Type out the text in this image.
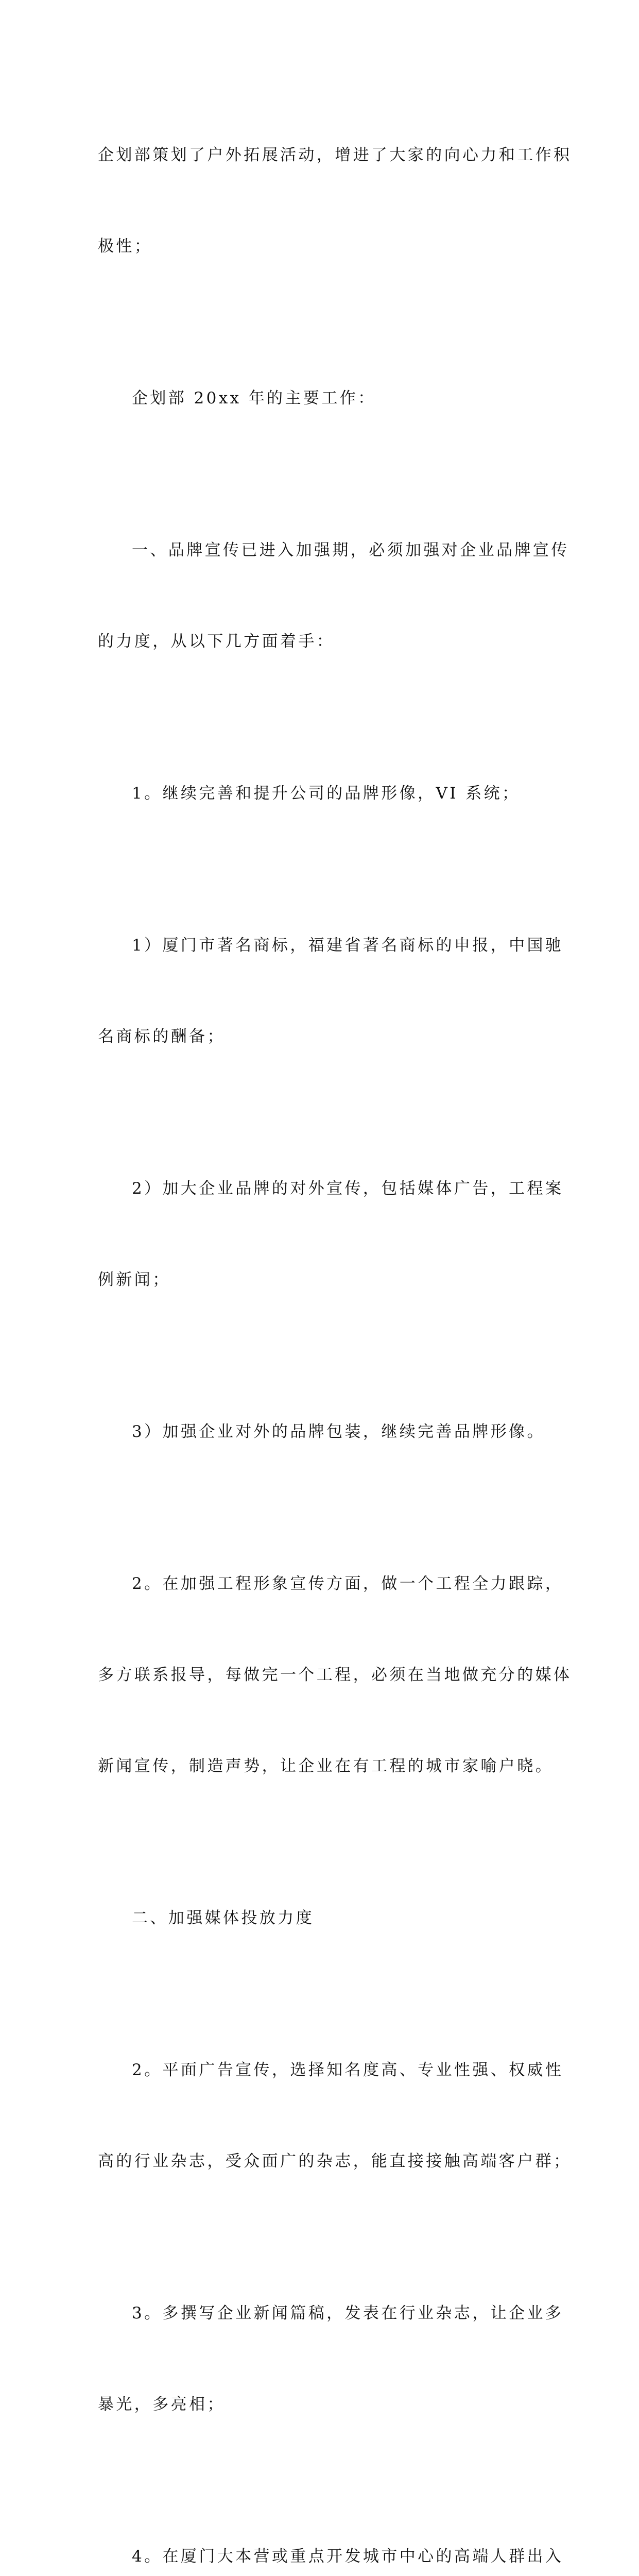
企划部策划了户外拓展活动，增进了大家的向心力和工作积

极性；

企划部 20xx 年的主要工作：

一、品牌宣传已进入加强期，必须加强对企业品牌宣传

的力度，从以下几方面着手：

1。继续完善和提升公司的品牌形像，VI 系统；

1）厦门市著名商标，福建省著名商标的申报，中国驰

名商标的酬备；

2）加大企业品牌的对外宣传，包括媒体广告，工程案

例新闻；

3）加强企业对外的品牌包装，继续完善品牌形像。

2。在加强工程形象宣传方面，做一个工程全力跟踪，

多方联系报导，每做完一个工程，必须在当地做充分的媒体

新闻宣传，制造声势，让企业在有工程的城市家喻户晓。

二、加强媒体投放力度

2。平面广告宣传，选择知名度高、专业性强、权威性

高的行业杂志，受众面广的杂志，能直接接触高端客户群；

3。多撰写企业新闻篇稿，发表在行业杂志，让企业多

暴光，多亮相；

4。在厦门大本营或重点开发城市中心的高端人群出入
